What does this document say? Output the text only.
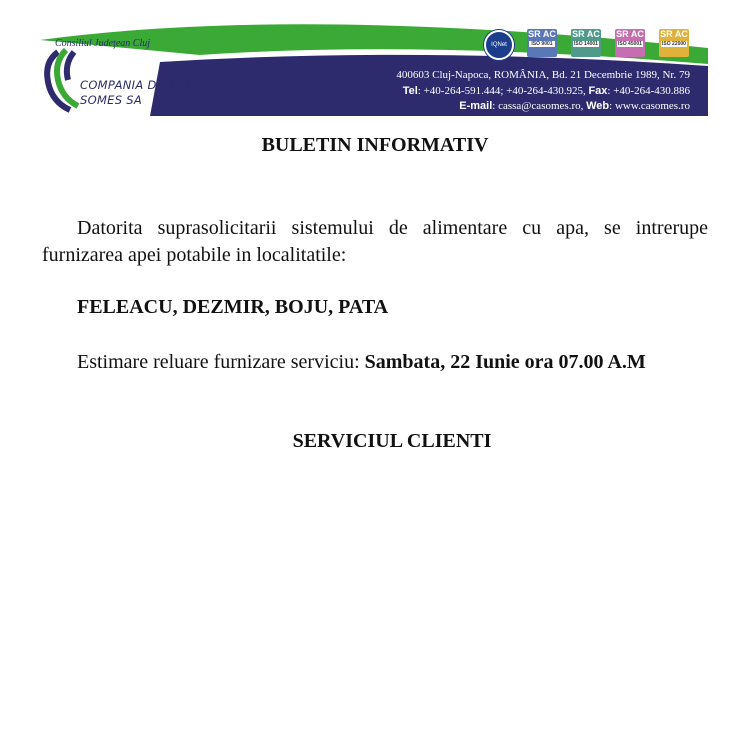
Consiliul Judeţean Cluj
COMPANIA DE APA
SOMES SA
IQNet
SR AC
ISO 9001
SR AC
ISO 14001
SR AC
ISO 45001
SR AC
ISO 22000
400603 Cluj-Napoca, ROMÂNIA, Bd. 21 Decembrie 1989, Nr. 79
Tel: +40-264-591.444; +40-264-430.925, Fax: +40-264-430.886
E-mail: cassa@casomes.ro, Web: www.casomes.ro
BULETIN INFORMATIV
Datorita suprasolicitarii sistemului de alimentare cu apa, se intrerupe furnizarea apei potabile in localitatile:
FELEACU, DEZMIR, BOJU, PATA
Estimare reluare furnizare serviciu: Sambata, 22 Iunie ora 07.00 A.M
SERVICIUL CLIENTI
